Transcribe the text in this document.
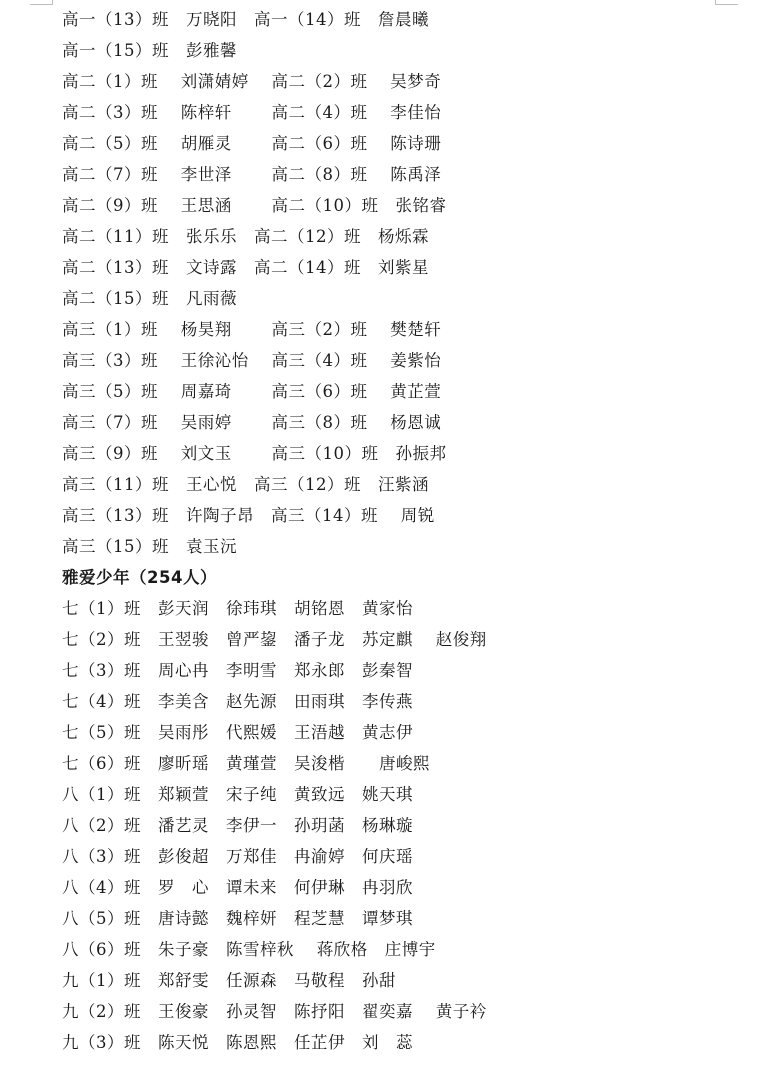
高一（13）班　万晓阳　高一（14）班　詹晨曦
高一（15）班　彭雅馨
高二（1）班　 刘潇婧婷　 高二（2）班　 吴梦奇
高二（3）班　 陈梓轩　　 高二（4）班　 李佳怡
高二（5）班　 胡雁灵　　 高二（6）班　 陈诗珊
高二（7）班　 李世泽　　 高二（8）班　 陈禹泽
高二（9）班　 王思涵　　 高二（10）班　张铭睿
高二（11）班　张乐乐　高二（12）班　杨烁霖
高二（13）班　文诗露　高二（14）班　刘紫星
高二（15）班　凡雨薇
高三（1）班　 杨昊翔　　 高三（2）班　 樊楚轩
高三（3）班　 王徐沁怡　 高三（4）班　 姜紫怡
高三（5）班　 周嘉琦　　 高三（6）班　 黄芷萱
高三（7）班　 吴雨婷　　 高三（8）班　 杨恩诚
高三（9）班　 刘文玉　　 高三（10）班　孙振邦
高三（11）班　王心悦　高三（12）班　汪紫涵
高三（13）班　许陶子昂　高三（14）班　 周锐
高三（15）班　袁玉沅
雅爱少年（254人）
七（1）班　彭天润　徐玮琪　胡铭恩　黄家怡
七（2）班　王翌骏　曾严鋆　潘子龙　苏定麒　 赵俊翔
七（3）班　周心冉　李明雪　郑永郎　彭秦智
七（4）班　李美含　赵先源　田雨琪　李传燕
七（5）班　吴雨彤　代熙媛　王浯越　黄志伊
七（6）班　廖昕瑶　黄瑾萱　吴浚楷　　唐峻熙
八（1）班　郑颖萱　宋子纯　黄致远　姚天琪
八（2）班　潘艺灵　李伊一　孙玥菡　杨琳璇
八（3）班　彭俊超　万郑佳　冉渝婷　何庆瑶
八（4）班　罗　心　谭未来　何伊琳　冉羽欣
八（5）班　唐诗懿　魏梓妍　程芝慧　谭梦琪
八（6）班　朱子豪　陈雪梓秋　 蒋欣格　庄博宇
九（1）班　郑舒雯　任源森　马敬程　孙甜
九（2）班　王俊豪　孙灵智　陈抒阳　翟奕嘉　 黄子衿
九（3）班　陈天悦　陈恩熙　任芷伊　刘　蕊
